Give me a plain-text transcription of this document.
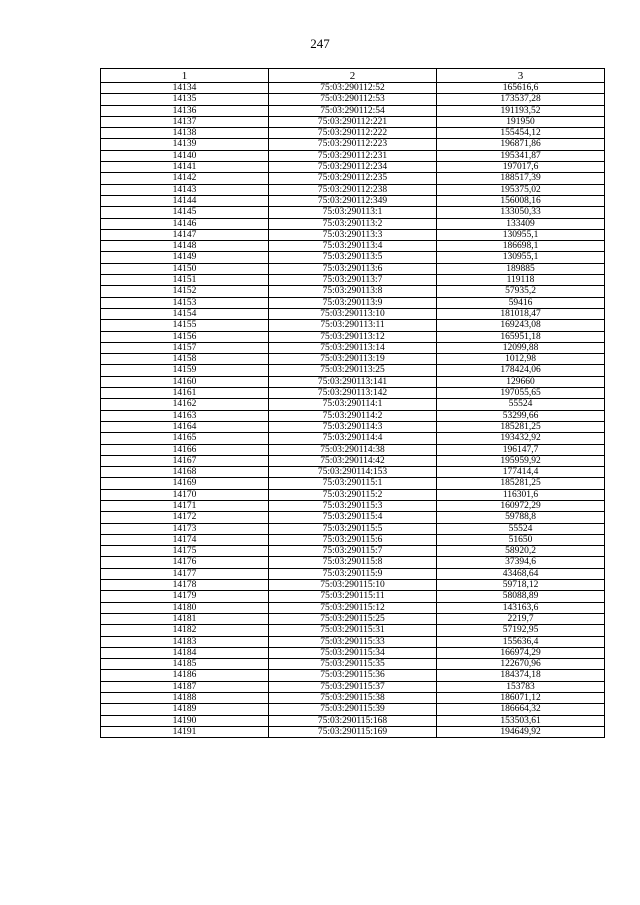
247
1	2	3
14134	75:03:290112:52	165616,6
14135	75:03:290112:53	173537,28
14136	75:03:290112:54	191193,52
14137	75:03:290112:221	191950
14138	75:03:290112:222	155454,12
14139	75:03:290112:223	196871,86
14140	75:03:290112:231	195341,87
14141	75:03:290112:234	197017,6
14142	75:03:290112:235	188517,39
14143	75:03:290112:238	195375,02
14144	75:03:290112:349	156008,16
14145	75:03:290113:1	133050,33
14146	75:03:290113:2	133409
14147	75:03:290113:3	130955,1
14148	75:03:290113:4	186698,1
14149	75:03:290113:5	130955,1
14150	75:03:290113:6	189885
14151	75:03:290113:7	119118
14152	75:03:290113:8	57935,2
14153	75:03:290113:9	59416
14154	75:03:290113:10	181018,47
14155	75:03:290113:11	169243,08
14156	75:03:290113:12	165951,18
14157	75:03:290113:14	12099,88
14158	75:03:290113:19	1012,98
14159	75:03:290113:25	178424,06
14160	75:03:290113:141	129660
14161	75:03:290113:142	197055,65
14162	75:03:290114:1	55524
14163	75:03:290114:2	53299,66
14164	75:03:290114:3	185281,25
14165	75:03:290114:4	193432,92
14166	75:03:290114:38	196147,7
14167	75:03:290114:42	195959,92
14168	75:03:290114:153	177414,4
14169	75:03:290115:1	185281,25
14170	75:03:290115:2	116301,6
14171	75:03:290115:3	160972,29
14172	75:03:290115:4	59788,8
14173	75:03:290115:5	55524
14174	75:03:290115:6	51650
14175	75:03:290115:7	58920,2
14176	75:03:290115:8	37394,6
14177	75:03:290115:9	43468,64
14178	75:03:290115:10	59718,12
14179	75:03:290115:11	58088,89
14180	75:03:290115:12	143163,6
14181	75:03:290115:25	2219,7
14182	75:03:290115:31	57192,95
14183	75:03:290115:33	155636,4
14184	75:03:290115:34	166974,29
14185	75:03:290115:35	122670,96
14186	75:03:290115:36	184374,18
14187	75:03:290115:37	153783
14188	75:03:290115:38	186071,12
14189	75:03:290115:39	186664,32
14190	75:03:290115:168	153503,61
14191	75:03:290115:169	194649,92
